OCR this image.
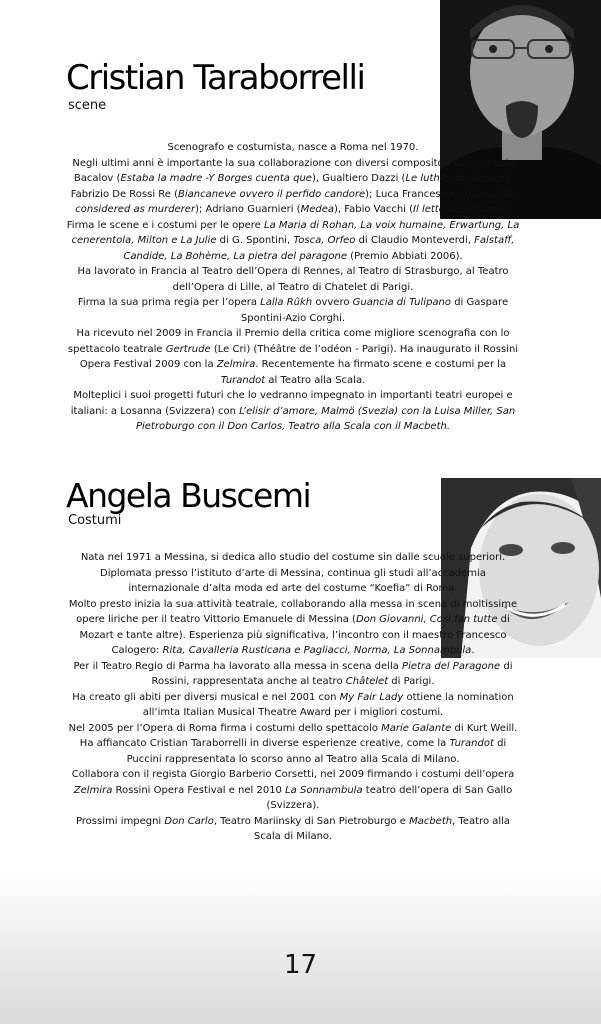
Cristian Taraborrelli
scene

Scenografo e costumista, nasce a Roma nel 1970.

Negli ultimi anni è importante la sua collaborazione con diversi compositori italiani: Luis Bacalov (Estaba la madre -Y Borges cuenta que), Gualtiero Dazzi (Le luthier de Venice); Fabrizio De Rossi Re (Biancaneve ovvero il perfido candore); Luca Francesconi (Gesualdo considered as murderer); Adriano Guarnieri (Medea), Fabio Vacchi (Il letto della storia).

Firma le scene e i costumi per le opere La Maria di Rohan, La voix humaine, Erwartung, La cenerentola, Milton e La Julie di G. Spontini, Tosca, Orfeo di Claudio Monteverdi, Falstaff, Candide, La Bohème, La pietra del paragone (Premio Abbiati 2006).

Ha lavorato in Francia al Teatro dell’Opera di Rennes, al Teatro di Strasburgo, al Teatro dell’Opera di Lille, al Teatro di Chatelet di Parigi.

Firma la sua prima regia per l’opera Lalla Rûkh ovvero Guancia di Tulipano di Gaspare Spontini-Azio Corghi.

Ha ricevuto nel 2009 in Francia il Premio della critica come migliore scenografia con lo spettacolo teatrale Gertrude (Le Cri) (Théâtre de l’odéon - Parigi). Ha inaugurato il Rossini Opera Festival 2009 con la Zelmira. Recentemente ha firmato scene e costumi per la Turandot al Teatro alla Scala.

Molteplici i suoi progetti futuri che lo vedranno impegnato in importanti teatri europei e italiani: a Losanna (Svizzera) con L’elisir d’amore, Malmö (Svezia) con la Luisa Miller, San Pietroburgo con il Don Carlos, Teatro alla Scala con il Macbeth.

Angela Buscemi
Costumi

Nata nel 1971 a Messina, si dedica allo studio del costume sin dalle scuole superiori. Diplomata presso l’istituto d’arte di Messina, continua gli studi all’accademia internazionale d’alta moda ed arte del costume “Koefia” di Roma.

Molto presto inizia la sua attività teatrale, collaborando alla messa in scena di moltissime opere liriche per il teatro Vittorio Emanuele di Messina (Don Giovanni, Così fan tutte di Mozart e tante altre). Esperienza più significativa, l’incontro con il maestro Francesco Calogero: Rita, Cavalleria Rusticana e Pagliacci, Norma, La Sonnambula.

Per il Teatro Regio di Parma ha lavorato alla messa in scena della Pietra del Paragone di Rossini, rappresentata anche al teatro Châtelet di Parigi.

Ha creato gli abiti per diversi musical e nel 2001 con My Fair Lady ottiene la nomination all’imta Italian Musical Theatre Award per i migliori costumi.

Nel 2005 per l’Opera di Roma firma i costumi dello spettacolo Marie Galante di Kurt Weill.

Ha affiancato Cristian Taraborrelli in diverse esperienze creative, come la Turandot di Puccini rappresentata lo scorso anno al Teatro alla Scala di Milano.

Collabora con il regista Giorgio Barberio Corsetti, nel 2009 firmando i costumi dell’opera Zelmira Rossini Opera Festival e nel 2010 La Sonnambula teatro dell’opera di San Gallo (Svizzera).

Prossimi impegni Don Carlo, Teatro Mariinsky di San Pietroburgo e Macbeth, Teatro alla Scala di Milano.

17
